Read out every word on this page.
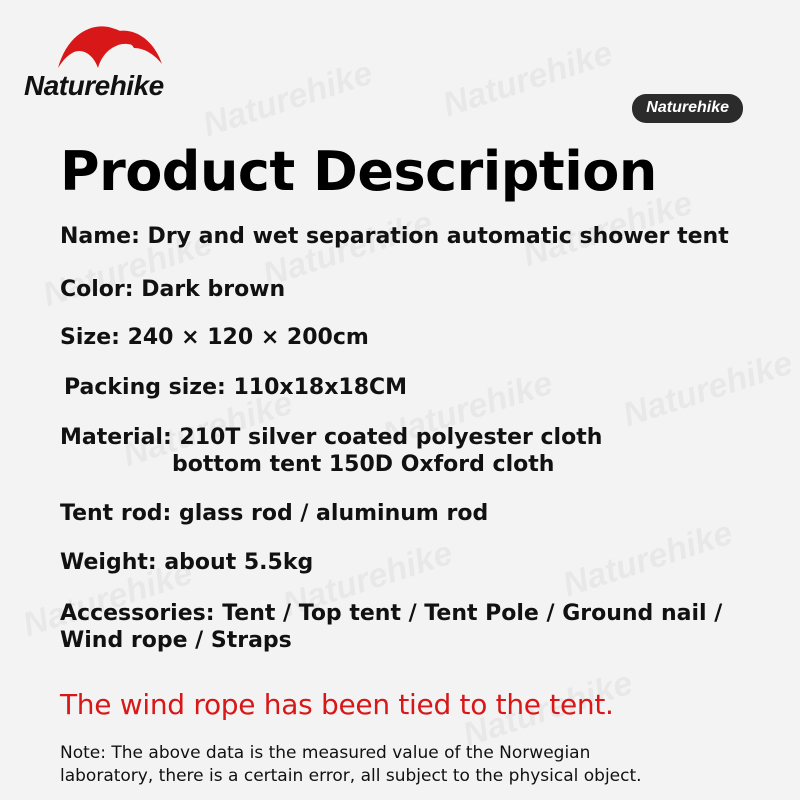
Naturehike
Naturehike
Product Description
Name: Dry and wet separation automatic shower tent
Color: Dark brown
Size: 240 × 120 × 200cm
Packing size: 110x18x18CM
Material: 210T silver coated polyester cloth
bottom tent 150D Oxford cloth
Tent rod: glass rod / aluminum rod
Weight: about 5.5kg
Accessories: Tent / Top tent / Tent Pole / Ground nail /
Wind rope / Straps
The wind rope has been tied to the tent.
Note: The above data is the measured value of the Norwegian
laboratory, there is a certain error, all subject to the physical object.
